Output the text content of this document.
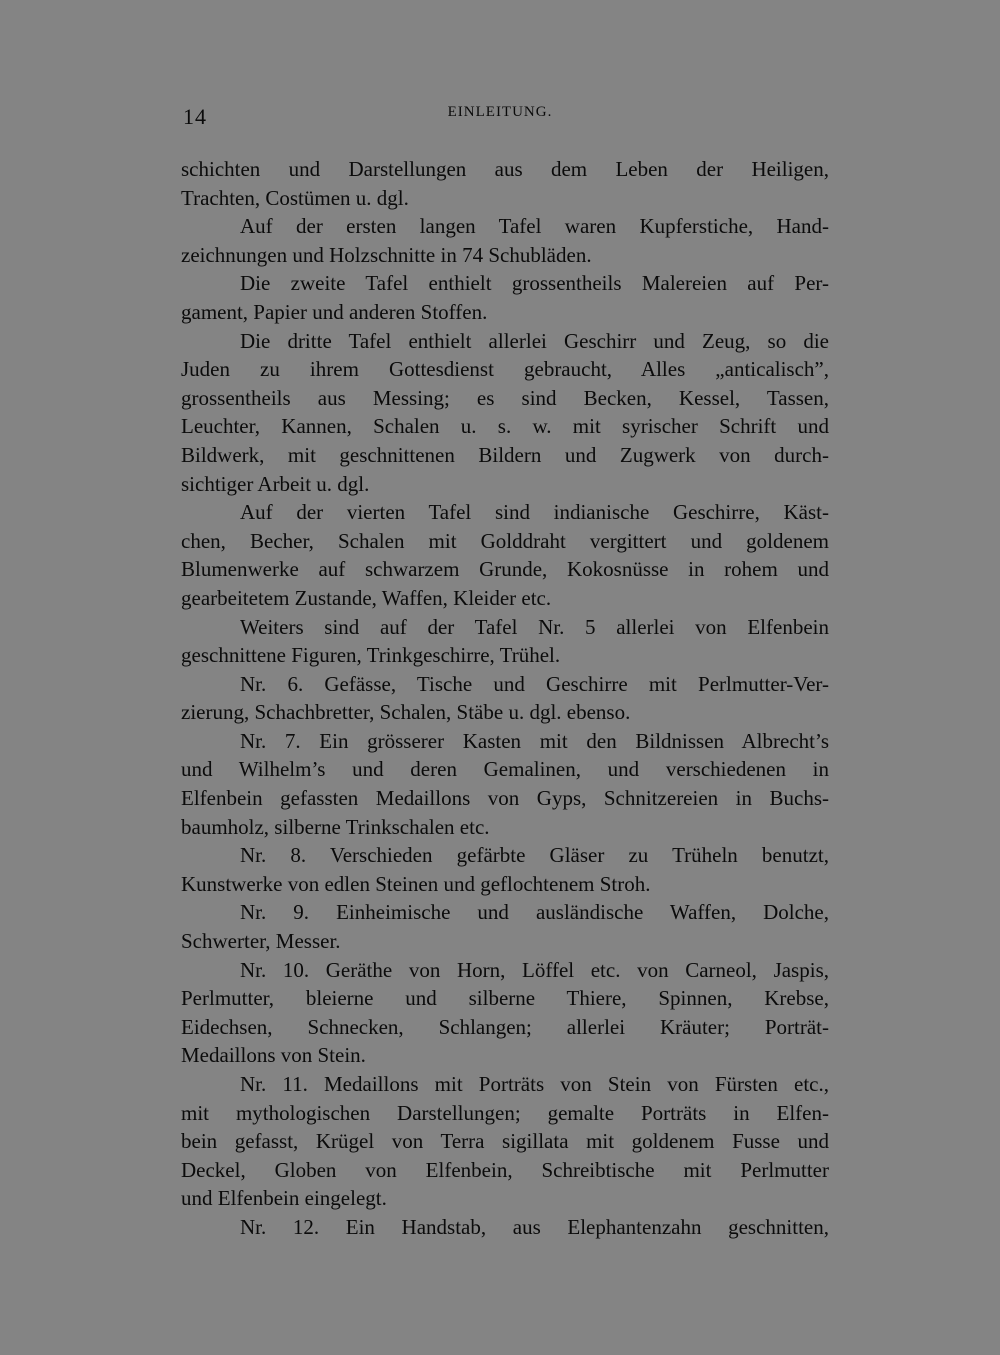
14	EINLEITUNG.
schichten und Darstellungen aus dem Leben der Heiligen,
Trachten, Costümen u. dgl.
Auf der ersten langen Tafel waren Kupferstiche, Hand-
zeichnungen und Holzschnitte in 74 Schubläden.
Die zweite Tafel enthielt grossentheils Malereien auf Per-
gament, Papier und anderen Stoffen.
Die dritte Tafel enthielt allerlei Geschirr und Zeug, so die
Juden zu ihrem Gottesdienst gebraucht, Alles „anticalisch”,
grossentheils aus Messing; es sind Becken, Kessel, Tassen,
Leuchter, Kannen, Schalen u. s. w. mit syrischer Schrift und
Bildwerk, mit geschnittenen Bildern und Zugwerk von durch-
sichtiger Arbeit u. dgl.
Auf der vierten Tafel sind indianische Geschirre, Käst-
chen, Becher, Schalen mit Golddraht vergittert und goldenem
Blumenwerke auf schwarzem Grunde, Kokosnüsse in rohem und
gearbeitetem Zustande, Waffen, Kleider etc.
Weiters sind auf der Tafel Nr. 5 allerlei von Elfenbein
geschnittene Figuren, Trinkgeschirre, Trühel.
Nr. 6. Gefässe, Tische und Geschirre mit Perlmutter-Ver-
zierung, Schachbretter, Schalen, Stäbe u. dgl. ebenso.
Nr. 7. Ein grösserer Kasten mit den Bildnissen Albrecht’s
und Wilhelm’s und deren Gemalinen, und verschiedenen in
Elfenbein gefassten Medaillons von Gyps, Schnitzereien in Buchs-
baumholz, silberne Trinkschalen etc.
Nr. 8. Verschieden gefärbte Gläser zu Trüheln benutzt,
Kunstwerke von edlen Steinen und geflochtenem Stroh.
Nr. 9. Einheimische und ausländische Waffen, Dolche,
Schwerter, Messer.
Nr. 10. Geräthe von Horn, Löffel etc. von Carneol, Jaspis,
Perlmutter, bleierne und silberne Thiere, Spinnen, Krebse,
Eidechsen, Schnecken, Schlangen; allerlei Kräuter; Porträt-
Medaillons von Stein.
Nr. 11. Medaillons mit Porträts von Stein von Fürsten etc.,
mit mythologischen Darstellungen; gemalte Porträts in Elfen-
bein gefasst, Krügel von Terra sigillata mit goldenem Fusse und
Deckel, Globen von Elfenbein, Schreibtische mit Perlmutter
und Elfenbein eingelegt.
Nr. 12. Ein Handstab, aus Elephantenzahn geschnitten,
